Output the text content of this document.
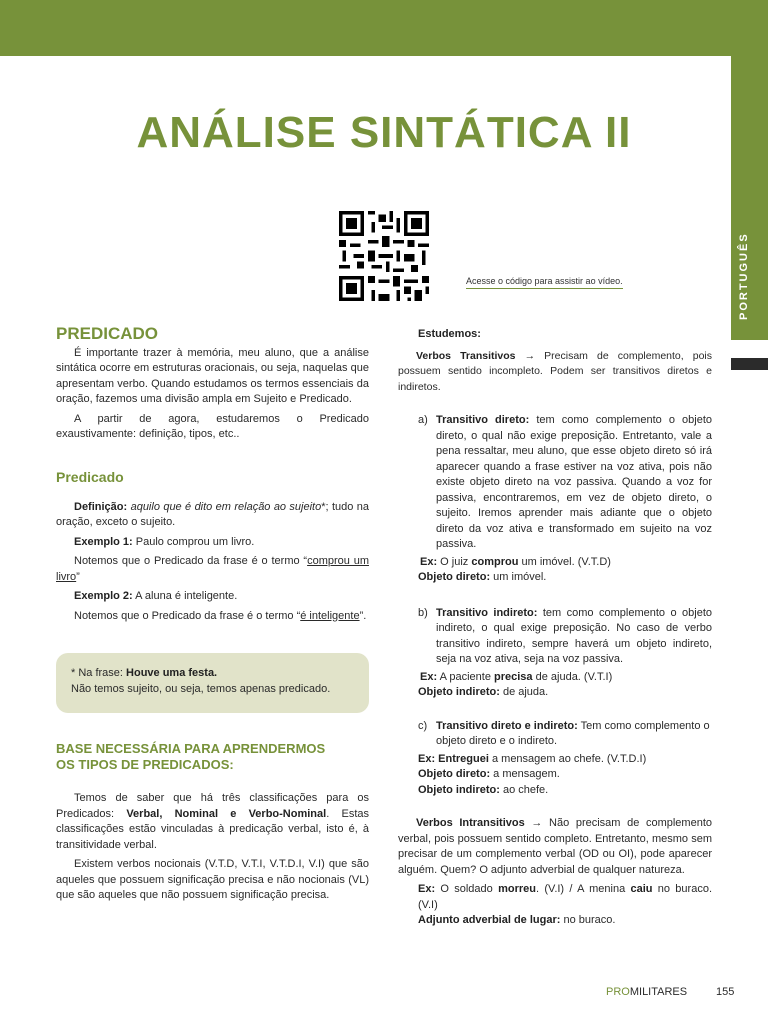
PORTUGUÊS
ANÁLISE SINTÁTICA II
Acesse o código para assistir ao vídeo.
PREDICADO

É importante trazer à memória, meu aluno, que a análise sintática ocorre em estruturas oracionais, ou seja, naquelas que apresentam verbo. Quando estudamos os termos essenciais da oração, fazemos uma divisão ampla em Sujeito e Predicado.

A partir de agora, estudaremos o Predicado exaustivamente: definição, tipos, etc..

Predicado

Definição: aquilo que é dito em relação ao sujeito*; tudo na oração, exceto o sujeito.

Exemplo 1: Paulo comprou um livro.

Notemos que o Predicado da frase é o termo “comprou um livro”

Exemplo 2: A aluna é inteligente.

Notemos que o Predicado da frase é o termo “é inteligente”.

* Na frase: Houve uma festa.
Não temos sujeito, ou seja, temos apenas predicado.
BASE NECESSÁRIA PARA APRENDERMOS
OS TIPOS DE PREDICADOS:

Temos de saber que há três classificações para os Predicados: Verbal, Nominal e Verbo-Nominal. Estas classificações estão vinculadas à predicação verbal, isto é, à transitividade verbal.

Existem verbos nocionais (V.T.D, V.T.I, V.T.D.I, V.I) que são aqueles que possuem significação precisa e não nocionais (VL) que são aqueles que não possuem significação precisa.

Estudemos:

Verbos Transitivos → Precisam de complemento, pois possuem sentido incompleto. Podem ser transitivos diretos e indiretos.

a) Transitivo direto: tem como complemento o objeto direto, o qual não exige preposição. Entretanto, vale a pena ressaltar, meu aluno, que esse objeto direto só irá aparecer quando a frase estiver na voz ativa, pois não existe objeto direto na voz passiva. Quando a voz for passiva, encontraremos, em vez de objeto direto, o sujeito. Iremos aprender mais adiante que o objeto direto da voz ativa e transformado em sujeito na voz passiva.

Ex: O juiz comprou um imóvel. (V.T.D)

Objeto direto: um imóvel.

b) Transitivo indireto: tem como complemento o objeto indireto, o qual exige preposição. No caso de verbo transitivo indireto, sempre haverá um objeto indireto, seja na voz ativa, seja na voz passiva.

Ex: A paciente precisa de ajuda. (V.T.I)

Objeto indireto: de ajuda.

c) Transitivo direto e indireto: Tem como complemento o objeto direto e o indireto.

Ex: Entreguei a mensagem ao chefe. (V.T.D.I)

Objeto direto: a mensagem.

Objeto indireto: ao chefe.

Verbos Intransitivos → Não precisam de complemento verbal, pois possuem sentido completo. Entretanto, mesmo sem precisar de um complemento verbal (OD ou OI), pode aparecer alguém. Quem? O adjunto adverbial de qualquer natureza.

Ex: O soldado morreu. (V.I) / A menina caiu no buraco. (V.I)

Adjunto adverbial de lugar: no buraco.

PROMILITARES	155
